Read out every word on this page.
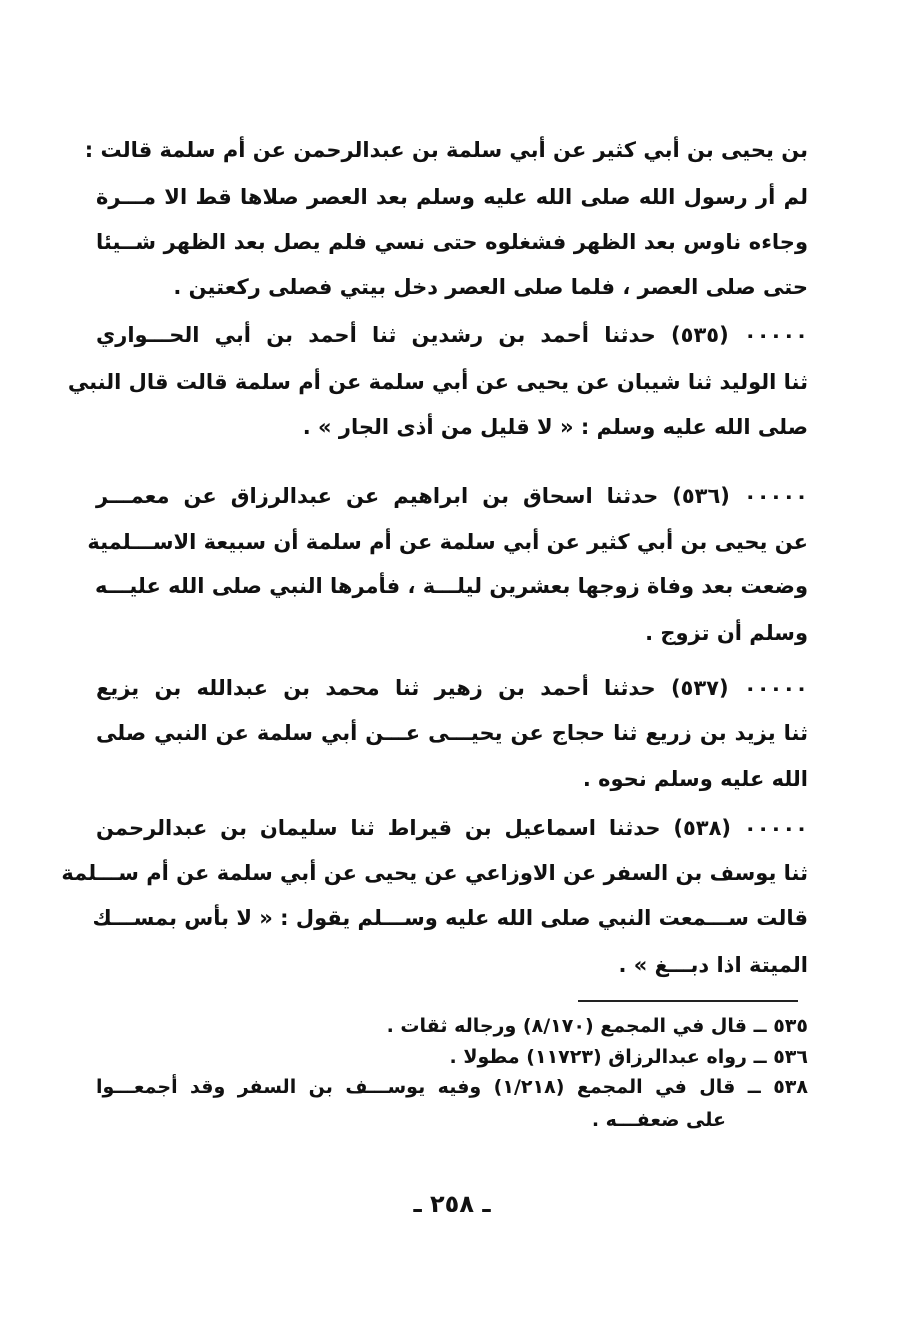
بن يحيى بن أبي كثير عن أبي سلمة بن عبدالرحمن عن أم سلمة قالت :
لم أر رسول الله صلى الله عليه وسلم بعد العصر صلاها قط الا مـــرة
وجاءه ناوس بعد الظهر فشغلوه حتى نسي فلم يصل بعد الظهر شــيئا
حتى صلى العصر ، فلما صلى العصر دخل بيتي فصلى ركعتين .
۰۰۰۰۰ (٥٣٥) حدثنا أحمد بن رشدين ثنا أحمد بن أبي الحـــواري
ثنا الوليد ثنا شيبان عن يحيى عن أبي سلمة عن أم سلمة قالت قال النبي
صلى الله عليه وسلم : « لا قليل من أذى الجار » .
۰۰۰۰۰ (٥٣٦) حدثنا اسحاق بن ابراهيم عن عبدالرزاق عن معمـــر
عن يحيى بن أبي كثير عن أبي سلمة عن أم سلمة أن سبيعة الاســـلمية
وضعت بعد وفاة زوجها بعشرين ليلـــة ، فأمرها النبي صلى الله عليـــه
وسلم أن تزوج .
۰۰۰۰۰ (٥٣٧) حدثنا أحمد بن زهير ثنا محمد بن عبدالله بن يزيع
ثنا يزيد بن زريع ثنا حجاج عن يحيـــى عـــن أبي سلمة عن النبي صلى
الله عليه وسلم نحوه .
۰۰۰۰۰ (٥٣٨) حدثنا اسماعيل بن قيراط ثنا سليمان بن عبدالرحمن
ثنا يوسف بن السفر عن الاوزاعي عن يحيى عن أبي سلمة عن أم ســـلمة
قالت ســـمعت النبي صلى الله عليه وســـلم يقول : « لا بأس بمســـك
الميتة اذا دبـــغ » .
٥٣٥ ــ قال في المجمع (٨/١٧٠) ورجاله ثقات .
٥٣٦ ــ رواه عبدالرزاق (١١٧٢٣) مطولا .
٥٣٨ ــ قال في المجمع (١/٢١٨) وفيه يوســـف بن السفر وقد أجمعـــوا
على ضعفـــه .
ـ ٢٥٨ ـ
